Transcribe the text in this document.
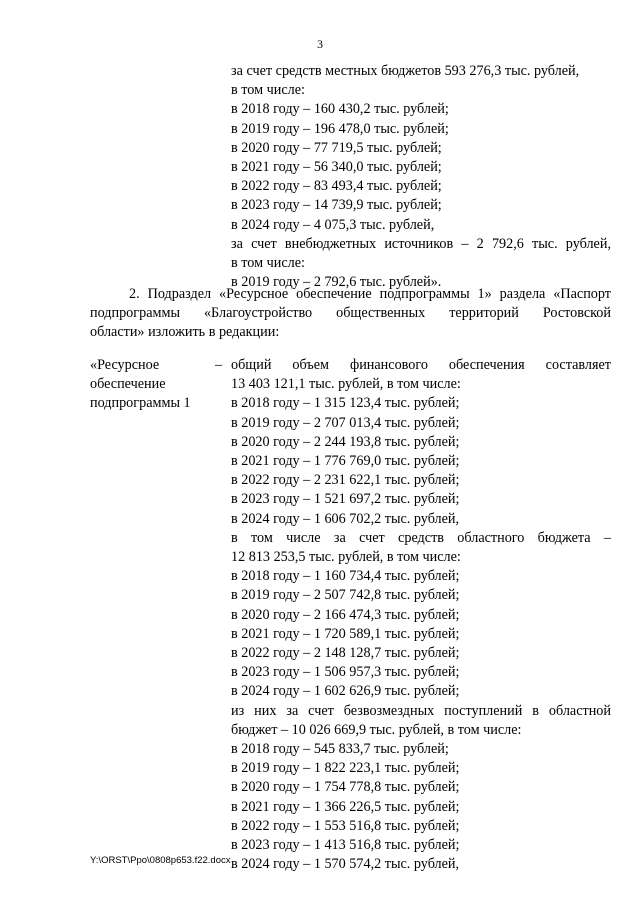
3
за счет средств местных бюджетов 593 276,3 тыс. рублей,
в том числе:
в 2018 году – 160 430,2 тыс. рублей;
в 2019 году – 196 478,0 тыс. рублей;
в 2020 году – 77 719,5 тыс. рублей;
в 2021 году – 56 340,0 тыс. рублей;
в 2022 году – 83 493,4 тыс. рублей;
в 2023 году – 14 739,9 тыс. рублей;
в 2024 году – 4 075,3 тыс. рублей,
за счет внебюджетных источников – 2 792,6 тыс. рублей,
в том числе:
в 2019 году – 2 792,6 тыс. рублей».
2. Подраздел «Ресурсное обеспечение подпрограммы 1» раздела «Паспорт
подпрограммы «Благоустройство общественных территорий Ростовской
области» изложить в редакции:
«Ресурсное
обеспечение
подпрограммы 1
– общий объем финансового обеспечения составляет
13 403 121,1 тыс. рублей, в том числе:
в 2018 году – 1 315 123,4 тыс. рублей;
в 2019 году – 2 707 013,4 тыс. рублей;
в 2020 году – 2 244 193,8 тыс. рублей;
в 2021 году – 1 776 769,0 тыс. рублей;
в 2022 году – 2 231 622,1 тыс. рублей;
в 2023 году – 1 521 697,2 тыс. рублей;
в 2024 году – 1 606 702,2 тыс. рублей,
в том числе за счет средств областного бюджета –
12 813 253,5 тыс. рублей, в том числе:
в 2018 году – 1 160 734,4 тыс. рублей;
в 2019 году – 2 507 742,8 тыс. рублей;
в 2020 году – 2 166 474,3 тыс. рублей;
в 2021 году – 1 720 589,1 тыс. рублей;
в 2022 году – 2 148 128,7 тыс. рублей;
в 2023 году – 1 506 957,3 тыс. рублей;
в 2024 году – 1 602 626,9 тыс. рублей;
из них за счет безвозмездных поступлений в областной
бюджет – 10 026 669,9 тыс. рублей, в том числе:
в 2018 году – 545 833,7 тыс. рублей;
в 2019 году – 1 822 223,1 тыс. рублей;
в 2020 году – 1 754 778,8 тыс. рублей;
в 2021 году – 1 366 226,5 тыс. рублей;
в 2022 году – 1 553 516,8 тыс. рублей;
в 2023 году – 1 413 516,8 тыс. рублей;
в 2024 году – 1 570 574,2 тыс. рублей,
Y:\ORST\Ppo\0808p653.f22.docx
